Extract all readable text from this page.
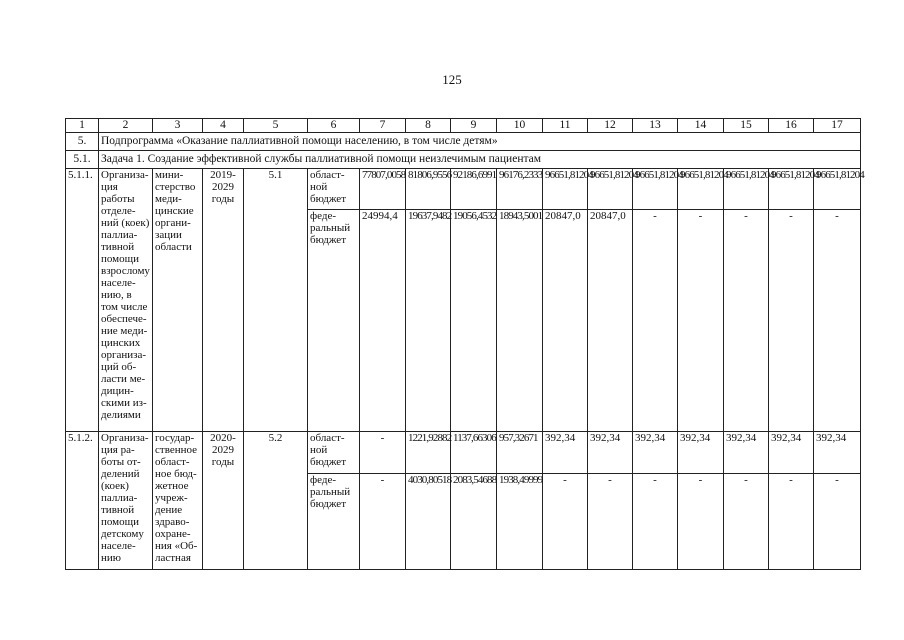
125
1	2	3	4	5	6	7	8	9	10	11	12	13	14	15	16	17
5.	Подпрограмма «Оказание паллиативной помощи населению, в том числе детям»															
5.1.	Задача 1. Создание эффективной службы паллиативной помощи неизлечимым пациентам															
5.1.1.	Организа-ция работы отделе-ний (коек) паллиа-тивной помощи взрослому населе-нию, в том числе обеспече-ние меди-цинских организа-ций об-ласти ме-дицин-скими из-делиями	мини-стерство меди-цинские органи-зации области	2019-2029 годы	5.1	област-ной бюджет	77807,0058	81806,9556	92186,6991	96176,2333	96651,81204	96651,81204	96651,81204	96651,81204	96651,81204	96651,81204	96651,81204
					феде-ральный бюджет	24994,4	19637,9482	19056,4532	18943,5001	20847,0	20847,0	-	-	-	-	-
5.1.2.	Организа-ция ра-боты от-делений (коек) паллиа-тивной помощи детскому населе-нию	государ-ственное област-ное бюд-жетное учреж-дение здраво-охране-ния «Об-ластная	2020-2029 годы	5.2	област-ной бюджет	-	1221,92882	1137,66306	957,32671	392,34	392,34	392,34	392,34	392,34	392,34	392,34
					феде-ральный бюджет	-	4030,80518	2083,54688	1938,49999	-	-	-	-	-	-	-
